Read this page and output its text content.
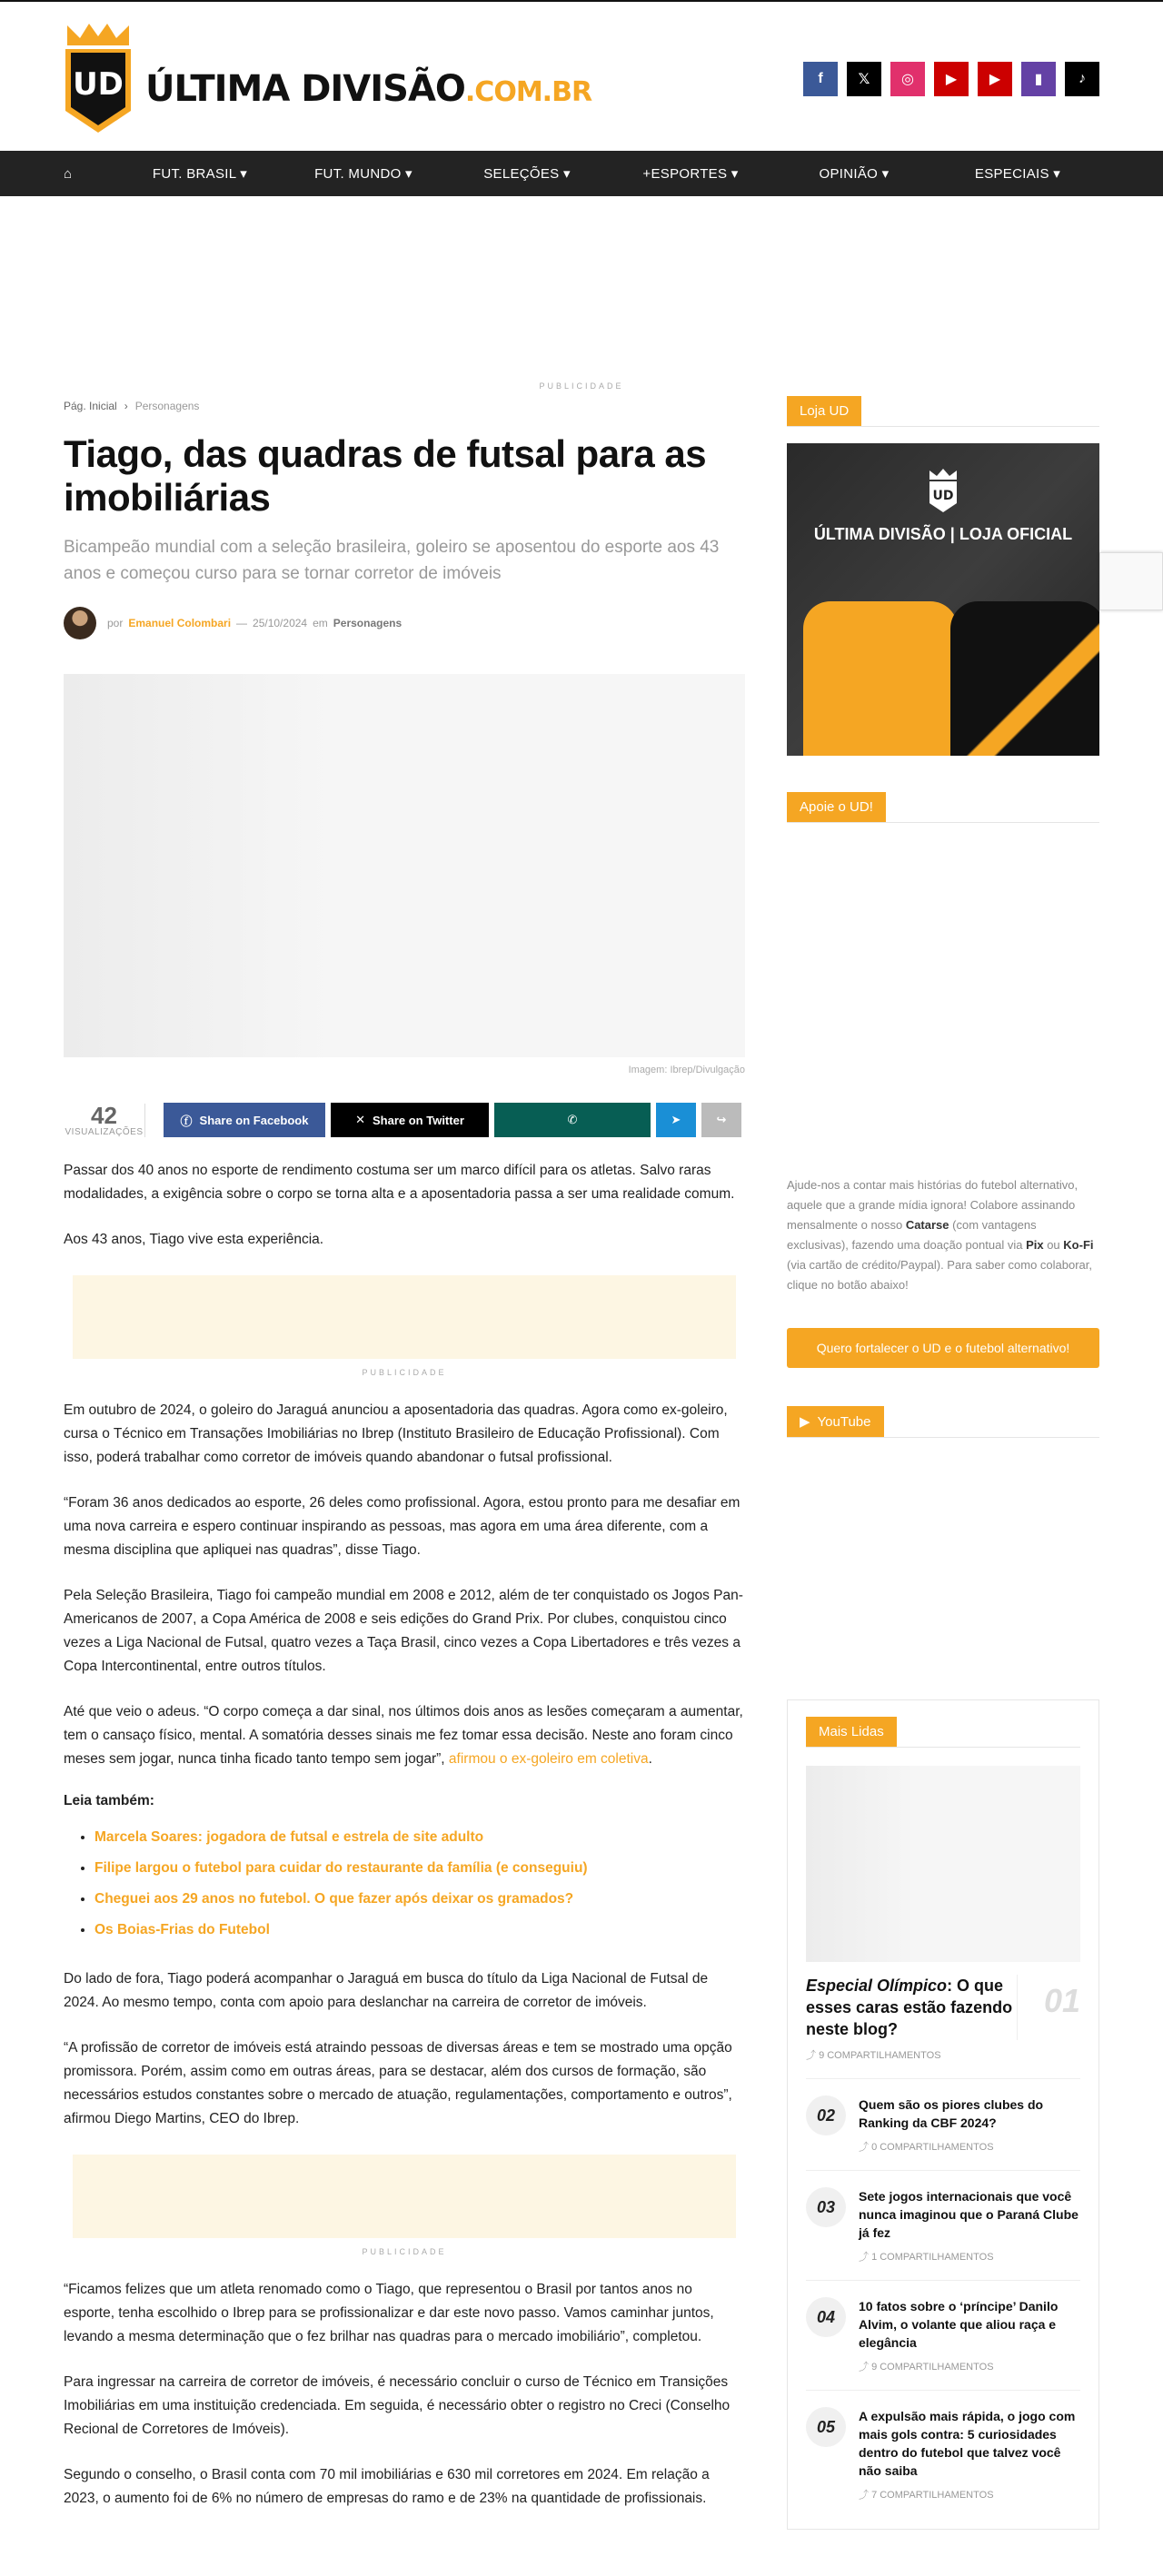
UD ÚLTIMA DIVISÃO.COM.BR	f	𝕏	◎	▶	▶	▮	♪
⌂	FUT. BRASIL ▾	FUT. MUNDO ▾	SELEÇÕES ▾	+ESPORTES ▾	OPINIÃO ▾	ESPECIAIS ▾
PUBLICIDADE
Pág. Inicial › Personagens
Tiago, das quadras de futsal para as imobiliárias
Bicampeão mundial com a seleção brasileira, goleiro se aposentou do esporte aos 43 anos e começou curso para se tornar corretor de imóveis
por Emanuel Colombari — 25/10/2024 em Personagens
Imagem: Ibrep/Divulgação
42
VISUALIZAÇÕES
ⓕ Share on Facebook	✕ Share on Twitter	✆	➤	↪

Passar dos 40 anos no esporte de rendimento costuma ser um marco difícil para os atletas. Salvo raras modalidades, a exigência sobre o corpo se torna alta e a aposentadoria passa a ser uma realidade comum.

Aos 43 anos, Tiago vive esta experiência.

PUBLICIDADE

Em outubro de 2024, o goleiro do Jaraguá anunciou a aposentadoria das quadras. Agora como ex-goleiro, cursa o Técnico em Transações Imobiliárias no Ibrep (Instituto Brasileiro de Educação Profissional). Com isso, poderá trabalhar como corretor de imóveis quando abandonar o futsal profissional.

“Foram 36 anos dedicados ao esporte, 26 deles como profissional. Agora, estou pronto para me desafiar em uma nova carreira e espero continuar inspirando as pessoas, mas agora em uma área diferente, com a mesma disciplina que apliquei nas quadras”, disse Tiago.

Pela Seleção Brasileira, Tiago foi campeão mundial em 2008 e 2012, além de ter conquistado os Jogos Pan-Americanos de 2007, a Copa América de 2008 e seis edições do Grand Prix. Por clubes, conquistou cinco vezes a Liga Nacional de Futsal, quatro vezes a Taça Brasil, cinco vezes a Copa Libertadores e três vezes a Copa Intercontinental, entre outros títulos.

Até que veio o adeus. “O corpo começa a dar sinal, nos últimos dois anos as lesões começaram a aumentar, tem o cansaço físico, mental. A somatória desses sinais me fez tomar essa decisão. Neste ano foram cinco meses sem jogar, nunca tinha ficado tanto tempo sem jogar”, afirmou o ex-goleiro em coletiva.

Leia também:
• Marcela Soares: jogadora de futsal e estrela de site adulto
• Filipe largou o futebol para cuidar do restaurante da família (e conseguiu)
• Cheguei aos 29 anos no futebol. O que fazer após deixar os gramados?
• Os Boias-Frias do Futebol

Do lado de fora, Tiago poderá acompanhar o Jaraguá em busca do título da Liga Nacional de Futsal de 2024. Ao mesmo tempo, conta com apoio para deslanchar na carreira de corretor de imóveis.

“A profissão de corretor de imóveis está atraindo pessoas de diversas áreas e tem se mostrado uma opção promissora. Porém, assim como em outras áreas, para se destacar, além dos cursos de formação, são necessários estudos constantes sobre o mercado de atuação, regulamentações, comportamento e outros”, afirmou Diego Martins, CEO do Ibrep.

PUBLICIDADE

“Ficamos felizes que um atleta renomado como o Tiago, que representou o Brasil por tantos anos no esporte, tenha escolhido o Ibrep para se profissionalizar e dar este novo passo. Vamos caminhar juntos, levando a mesma determinação que o fez brilhar nas quadras para o mercado imobiliário”, completou.

Para ingressar na carreira de corretor de imóveis, é necessário concluir o curso de Técnico em Transições Imobiliárias em uma instituição credenciada. Em seguida, é necessário obter o registro no Creci (Conselho Recional de Corretores de Imóveis).

Segundo o conselho, o Brasil conta com 70 mil imobiliárias e 630 mil corretores em 2024. Em relação a 2023, o aumento foi de 6% no número de empresas do ramo e de 23% na quantidade de profissionais.

Loja UD
UD
ÚLTIMA DIVISÃO | LOJA OFICIAL
Apoie o UD!
Ajude-nos a contar mais histórias do futebol alternativo, aquele que a grande mídia ignora! Colabore assinando mensalmente o nosso Catarse (com vantagens exclusivas), fazendo uma doação pontual via Pix ou Ko-Fi (via cartão de crédito/Paypal). Para saber como colaborar, clique no botão abaixo!
Quero fortalecer o UD e o futebol alternativo!
▶ YouTube
Mais Lidas
Especial Olímpico: O que esses caras estão fazendo neste blog?
01
⤴ 9 COMPARTILHAMENTOS
02
Quem são os piores clubes do Ranking da CBF 2024?
⤴ 0 COMPARTILHAMENTOS
03
Sete jogos internacionais que você nunca imaginou que o Paraná Clube já fez
⤴ 1 COMPARTILHAMENTOS
04
10 fatos sobre o ‘príncipe’ Danilo Alvim, o volante que aliou raça e elegância
⤴ 9 COMPARTILHAMENTOS
05
A expulsão mais rápida, o jogo com mais gols contra: 5 curiosidades dentro do futebol que talvez você não saiba
⤴ 7 COMPARTILHAMENTOS
